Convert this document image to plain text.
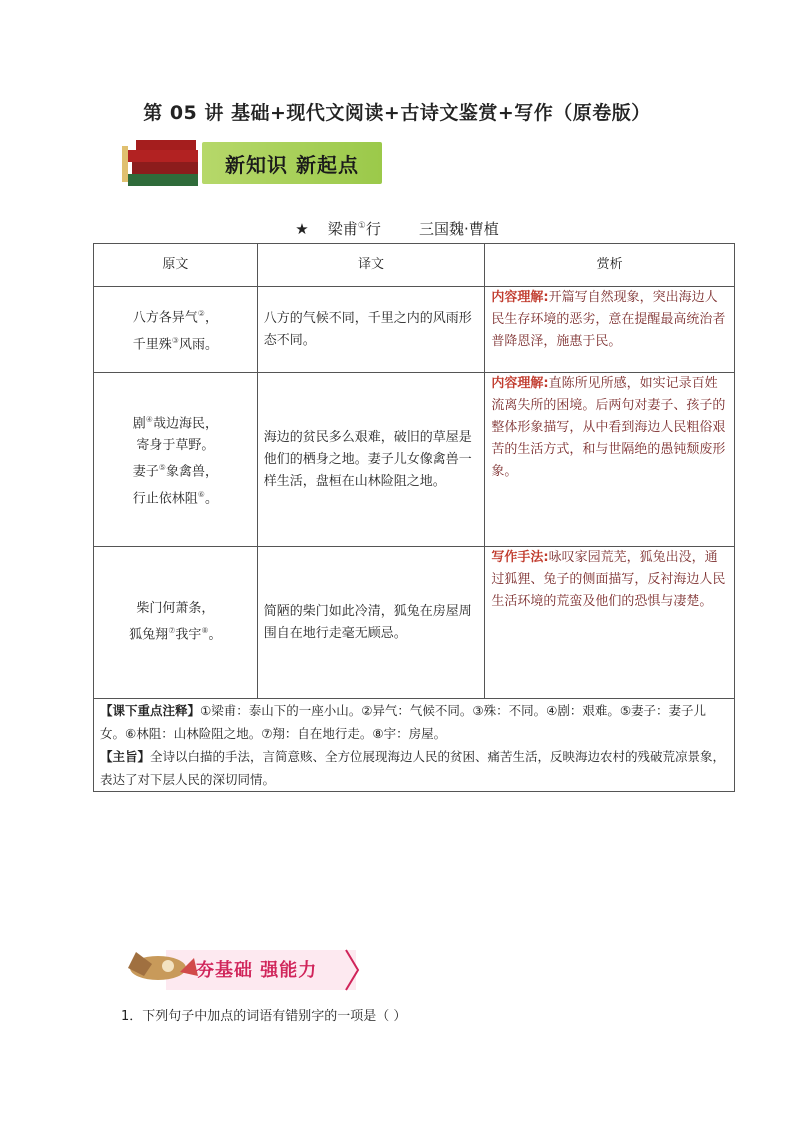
第 05 讲 基础+现代文阅读+古诗文鉴赏+写作（原卷版）
新知识 新起点
★ 梁甫①行	三国魏·曹植
原文	译文	赏析
八方各异气②，
千里殊③风雨。	八方的气候不同，千里之内的风雨形态不同。	内容理解:开篇写自然现象，突出海边人民生存环境的恶劣，意在提醒最高统治者普降恩泽，施惠于民。
剧④哉边海民，
寄身于草野。
妻子⑤象禽兽，
行止依林阻⑥。	海边的贫民多么艰难，破旧的草屋是他们的栖身之地。妻子儿女像禽兽一样生活，盘桓在山林险阻之地。	内容理解:直陈所见所感，如实记录百姓流离失所的困境。后两句对妻子、孩子的整体形象描写，从中看到海边人民粗俗艰苦的生活方式，和与世隔绝的愚钝颓废形象。
柴门何萧条，
狐兔翔⑦我宇⑧。	简陋的柴门如此冷清，狐兔在房屋周围自在地行走毫无顾忌。	写作手法:咏叹家园荒芜，狐兔出没，通过狐狸、兔子的侧面描写，反衬海边人民生活环境的荒蛮及他们的恐惧与凄楚。
【课下重点注释】①梁甫：泰山下的一座小山。②异气：气候不同。③殊：不同。④剧：艰难。⑤妻子：妻子儿女。⑥林阻：山林险阻之地。⑦翔：自在地行走。⑧宇：房屋。
【主旨】全诗以白描的手法，言简意赅、全方位展现海边人民的贫困、痛苦生活，反映海边农村的残破荒凉景象，表达了对下层人民的深切同情。		
夯基础 强能力
1．下列句子中加点的词语有错别字的一项是（ ）
